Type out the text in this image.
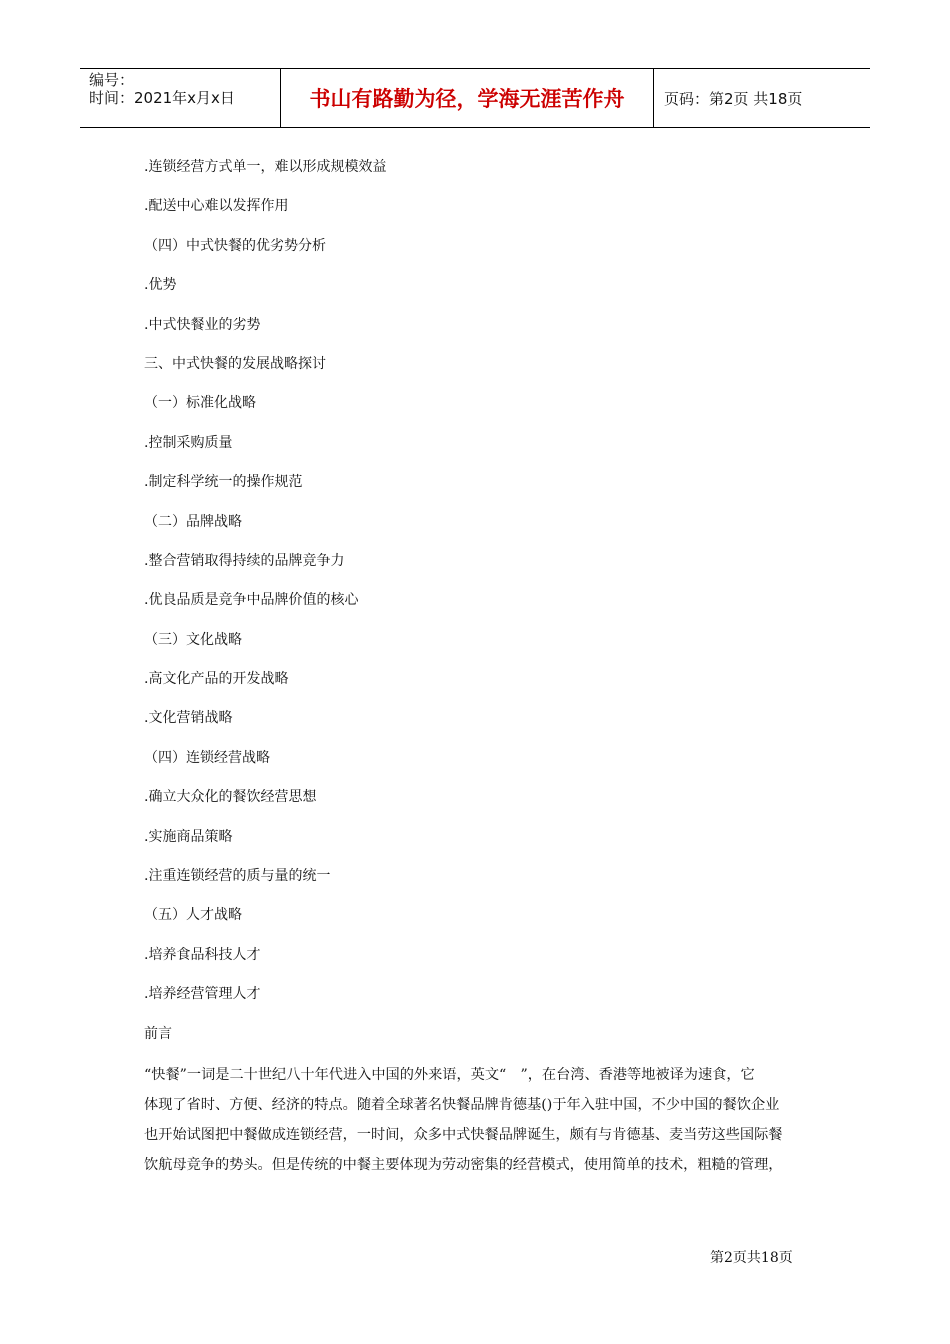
编号：
时间：2021年x月x日	书山有路勤为径，学海无涯苦作舟	页码：第2页 共18页
.连锁经营方式单一，难以形成规模效益
.配送中心难以发挥作用
（四）中式快餐的优劣势分析
.优势
.中式快餐业的劣势
三、中式快餐的发展战略探讨
（一）标准化战略
.控制采购质量
.制定科学统一的操作规范
（二）品牌战略
.整合营销取得持续的品牌竞争力
.优良品质是竞争中品牌价值的核心
（三）文化战略
.高文化产品的开发战略
.文化营销战略
（四）连锁经营战略
.确立大众化的餐饮经营思想
.实施商品策略
.注重连锁经营的质与量的统一
（五）人才战略
.培养食品科技人才
.培养经营管理人才
前言

“快餐”一词是二十世纪八十年代进入中国的外来语，英文“　”，在台湾、香港等地被译为速食，它
体现了省时、方便、经济的特点。随着全球著名快餐品牌肯德基()于年入驻中国，不少中国的餐饮企业
也开始试图把中餐做成连锁经营，一时间，众多中式快餐品牌诞生，颇有与肯德基、麦当劳这些国际餐
饮航母竞争的势头。但是传统的中餐主要体现为劳动密集的经营模式，使用简单的技术，粗糙的管理，

第2页共18页
